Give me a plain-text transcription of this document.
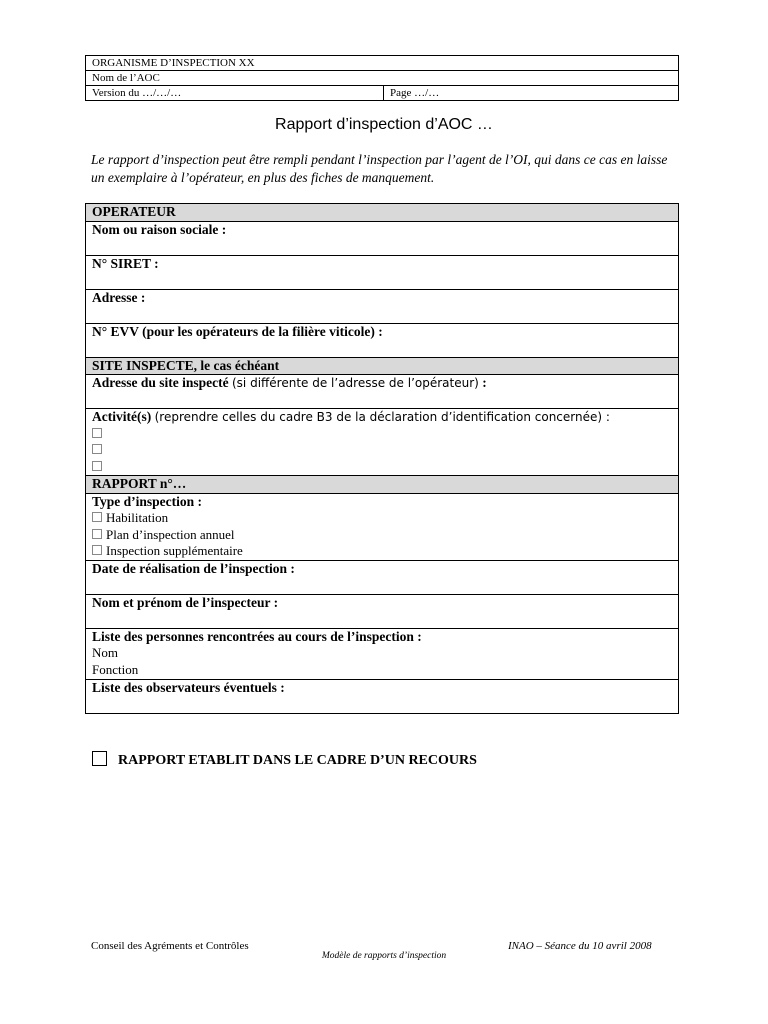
ORGANISME D’INSPECTION XX
Nom de l’AOC
Version du …/…/…	Page …/…
Rapport d’inspection d’AOC …
Le rapport d’inspection peut être rempli pendant l’inspection par l’agent de l’OI, qui dans ce cas en laisse un exemplaire à l’opérateur, en plus des fiches de manquement.
OPERATEUR
Nom ou raison sociale :
N° SIRET :
Adresse :
N° EVV (pour les opérateurs de la filière viticole) :
SITE INSPECTE, le cas échéant
Adresse du site inspecté (si différente de l’adresse de l’opérateur) :
Activité(s) (reprendre celles du cadre B3 de la déclaration d’identification concernée) :

RAPPORT n°…
Type d’inspection :
Habilitation
Plan d’inspection annuel
Inspection supplémentaire

Date de réalisation de l’inspection :
Nom et prénom de l’inspecteur :
Liste des personnes rencontrées au cours de l’inspection :
Nom
Fonction

Liste des observateurs éventuels :
RAPPORT ETABLIT DANS LE CADRE D’UN RECOURS
Conseil des Agréments et Contrôles	INAO – Séance du 10 avril 2008
Modèle de rapports d’inspection
